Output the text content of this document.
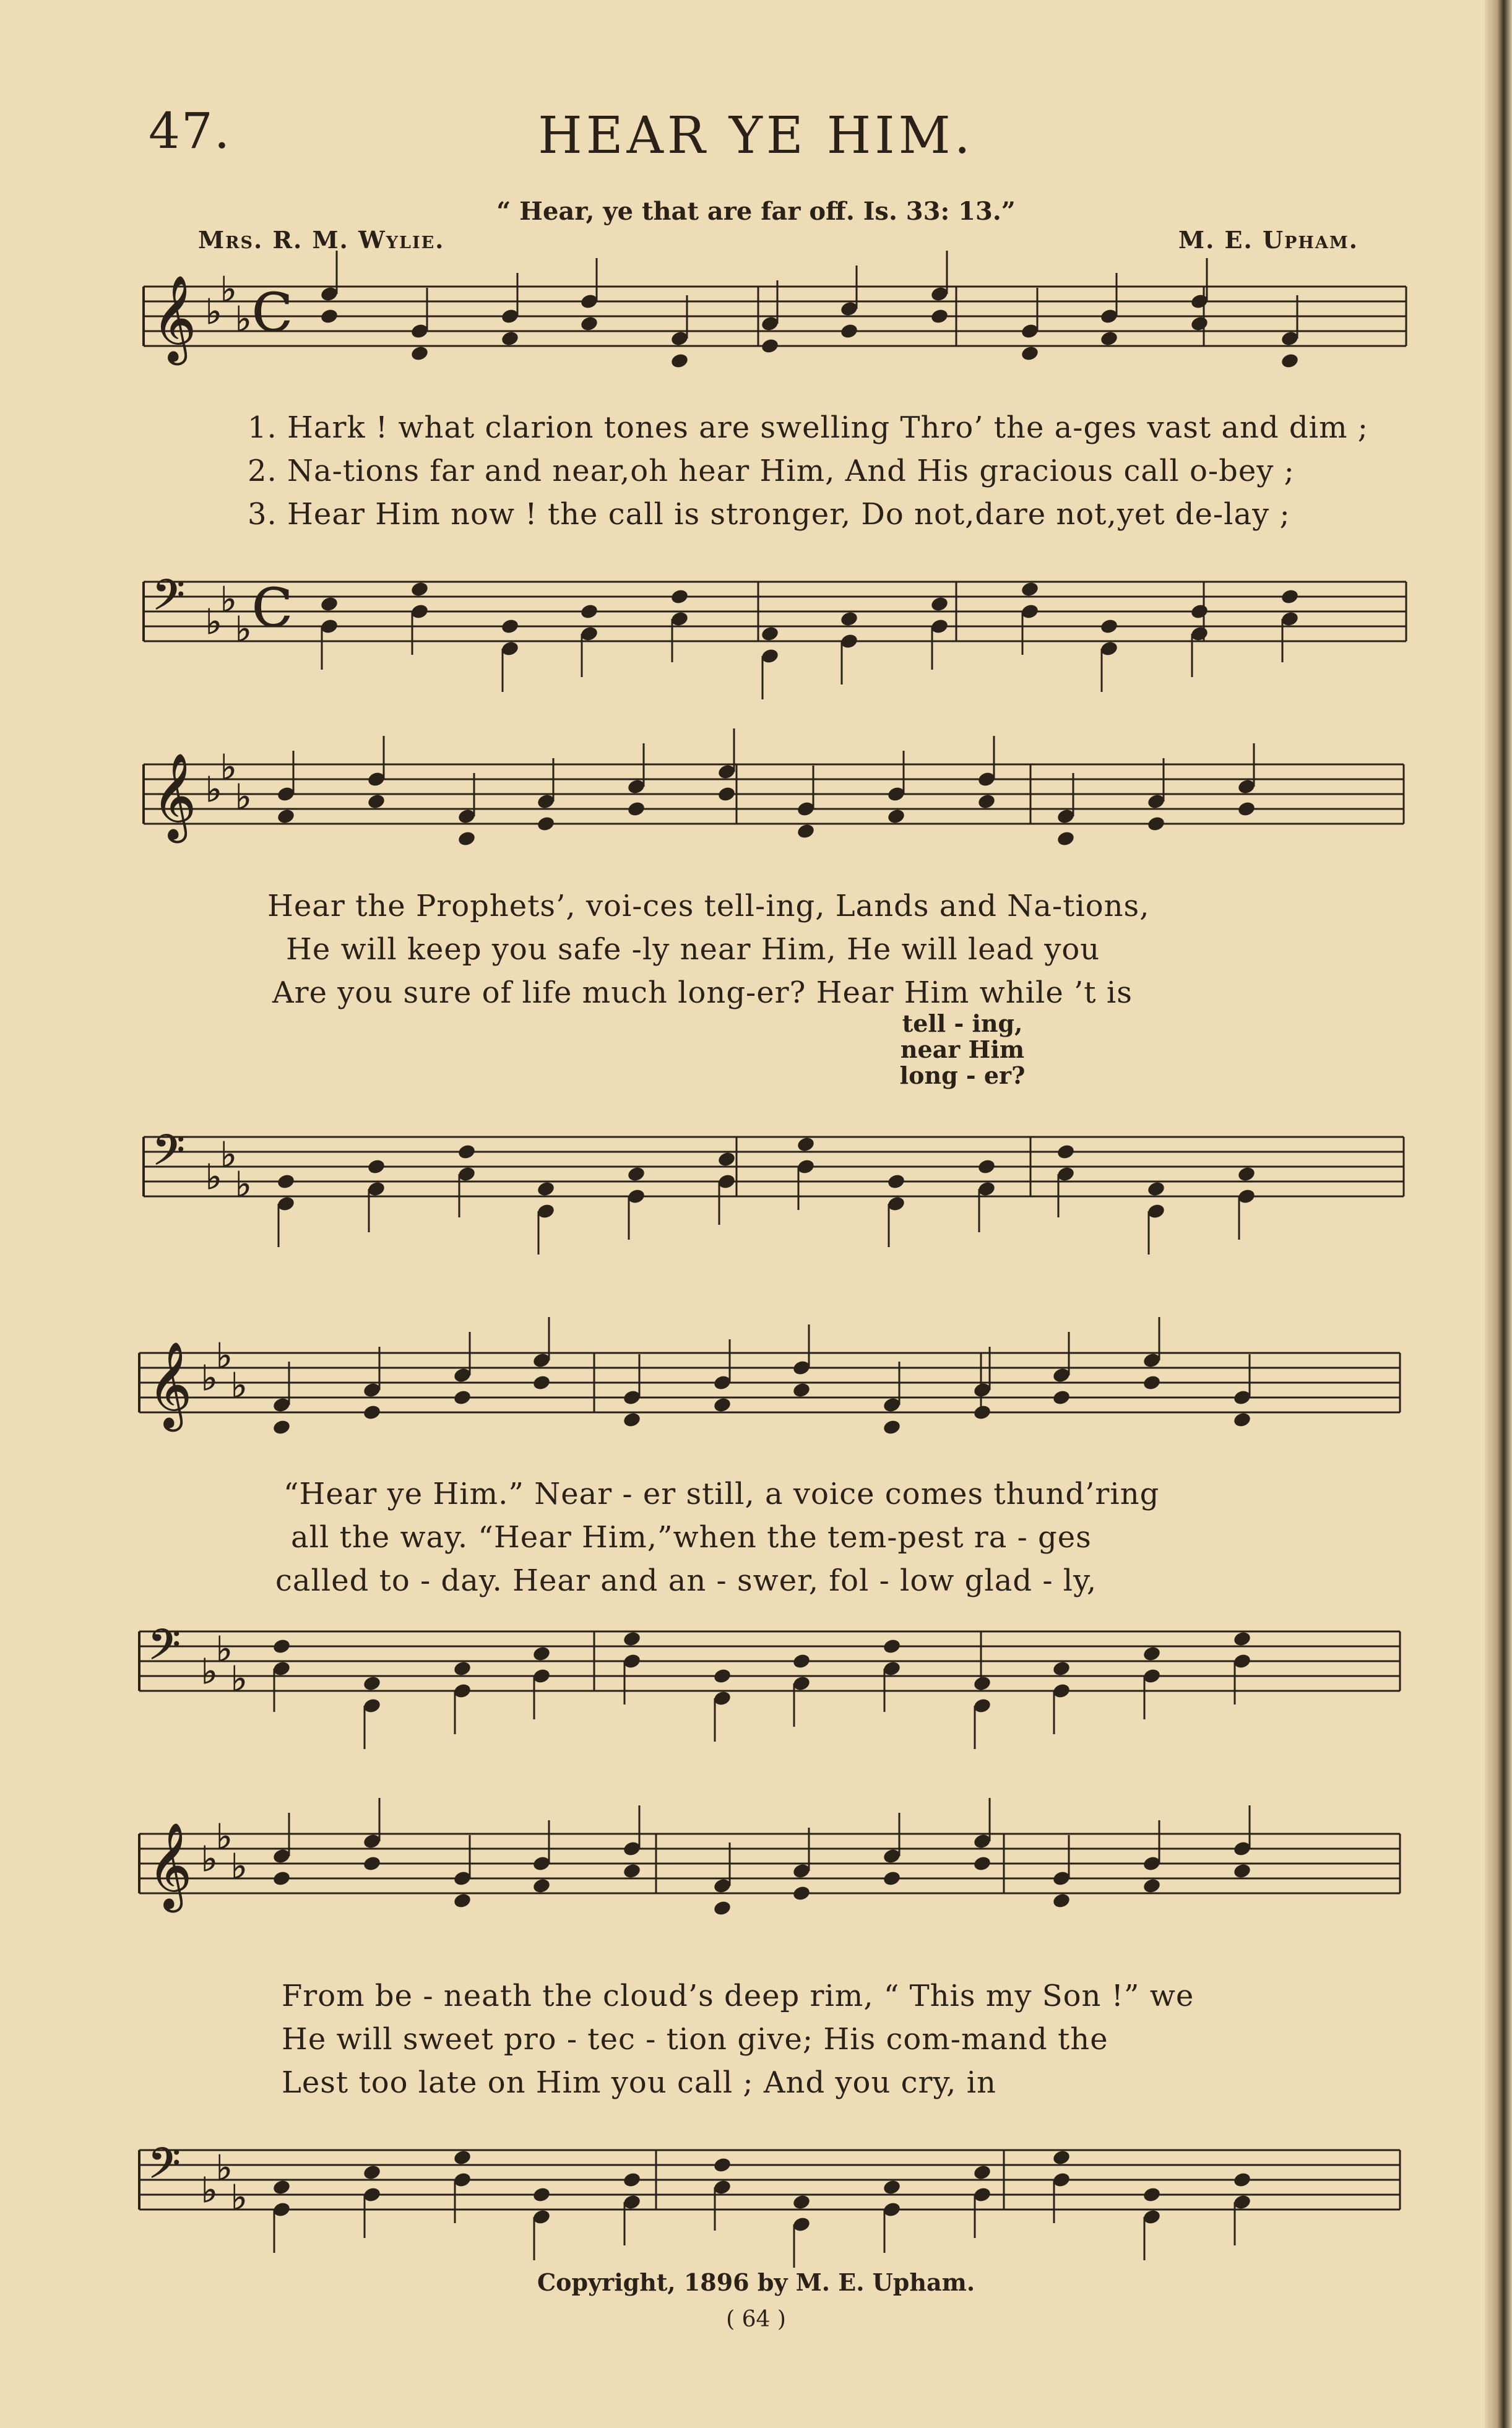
𝄞 ♭
♭
♭ C
𝄢 ♭
♭
♭ C
𝄞 ♭
♭
♭
𝄢 ♭
♭
♭
𝄞 ♭
♭
♭
𝄢 ♭
♭
♭
𝄞 ♭
♭
♭
𝄢 ♭
♭
♭
47.	HEAR YE HIM.
“ Hear, ye that are far off. Is. 33: 13.”
Mrs. R. M. Wylie.	M. E. Upham.
1. Hark ! what clarion tones are swelling Thro’ the a-ges vast and dim ;
2. Na-tions far and near,oh hear Him, And His gracious call o-bey ;
3. Hear Him now ! the call is stronger, Do not,dare not,yet de-lay ;
Hear the Prophets’, voi-ces tell-ing, Lands and Na-tions,
He will keep you safe -ly near Him, He will lead you
Are you sure of life much long-er? Hear Him while ’t is
tell - ing,
near Him
long - er?
“Hear ye Him.” Near - er still, a voice comes thund’ring
all the way. “Hear Him,”when the tem-pest ra - ges
called to - day. Hear and an - swer, fol - low glad - ly,
From be - neath the cloud’s deep rim, “ This my Son !” we
He will sweet pro - tec - tion give; His com-mand the
Lest too late on Him you call ; And you cry, in
Copyright, 1896 by M. E. Upham.
( 64 )
